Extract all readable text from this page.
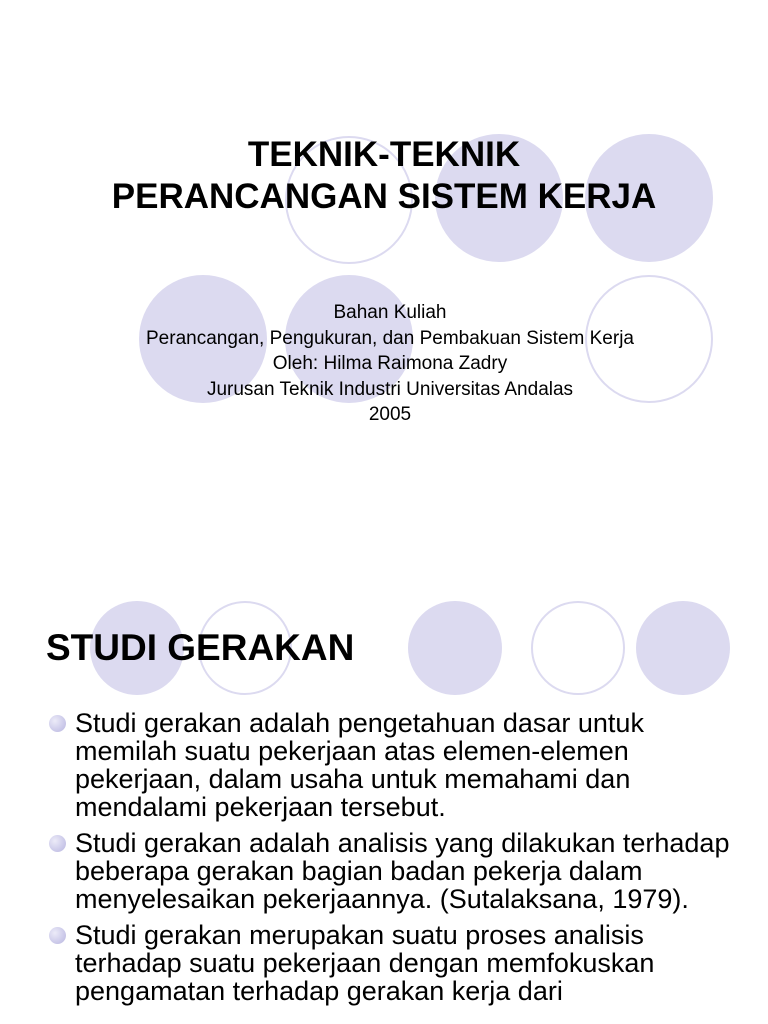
TEKNIK-TEKNIK
PERANCANGAN SISTEM KERJA
Bahan Kuliah
Perancangan, Pengukuran, dan Pembakuan Sistem Kerja
Oleh: Hilma Raimona Zadry
Jurusan Teknik Industri Universitas Andalas
2005
STUDI GERAKAN
Studi gerakan adalah pengetahuan dasar untuk memilah suatu pekerjaan atas elemen-elemen pekerjaan, dalam usaha untuk memahami dan mendalami pekerjaan tersebut.
Studi gerakan adalah analisis yang dilakukan terhadap beberapa gerakan bagian badan pekerja dalam menyelesaikan pekerjaannya. (Sutalaksana, 1979).
Studi gerakan merupakan suatu proses analisis terhadap suatu pekerjaan dengan memfokuskan pengamatan terhadap gerakan kerja dari
